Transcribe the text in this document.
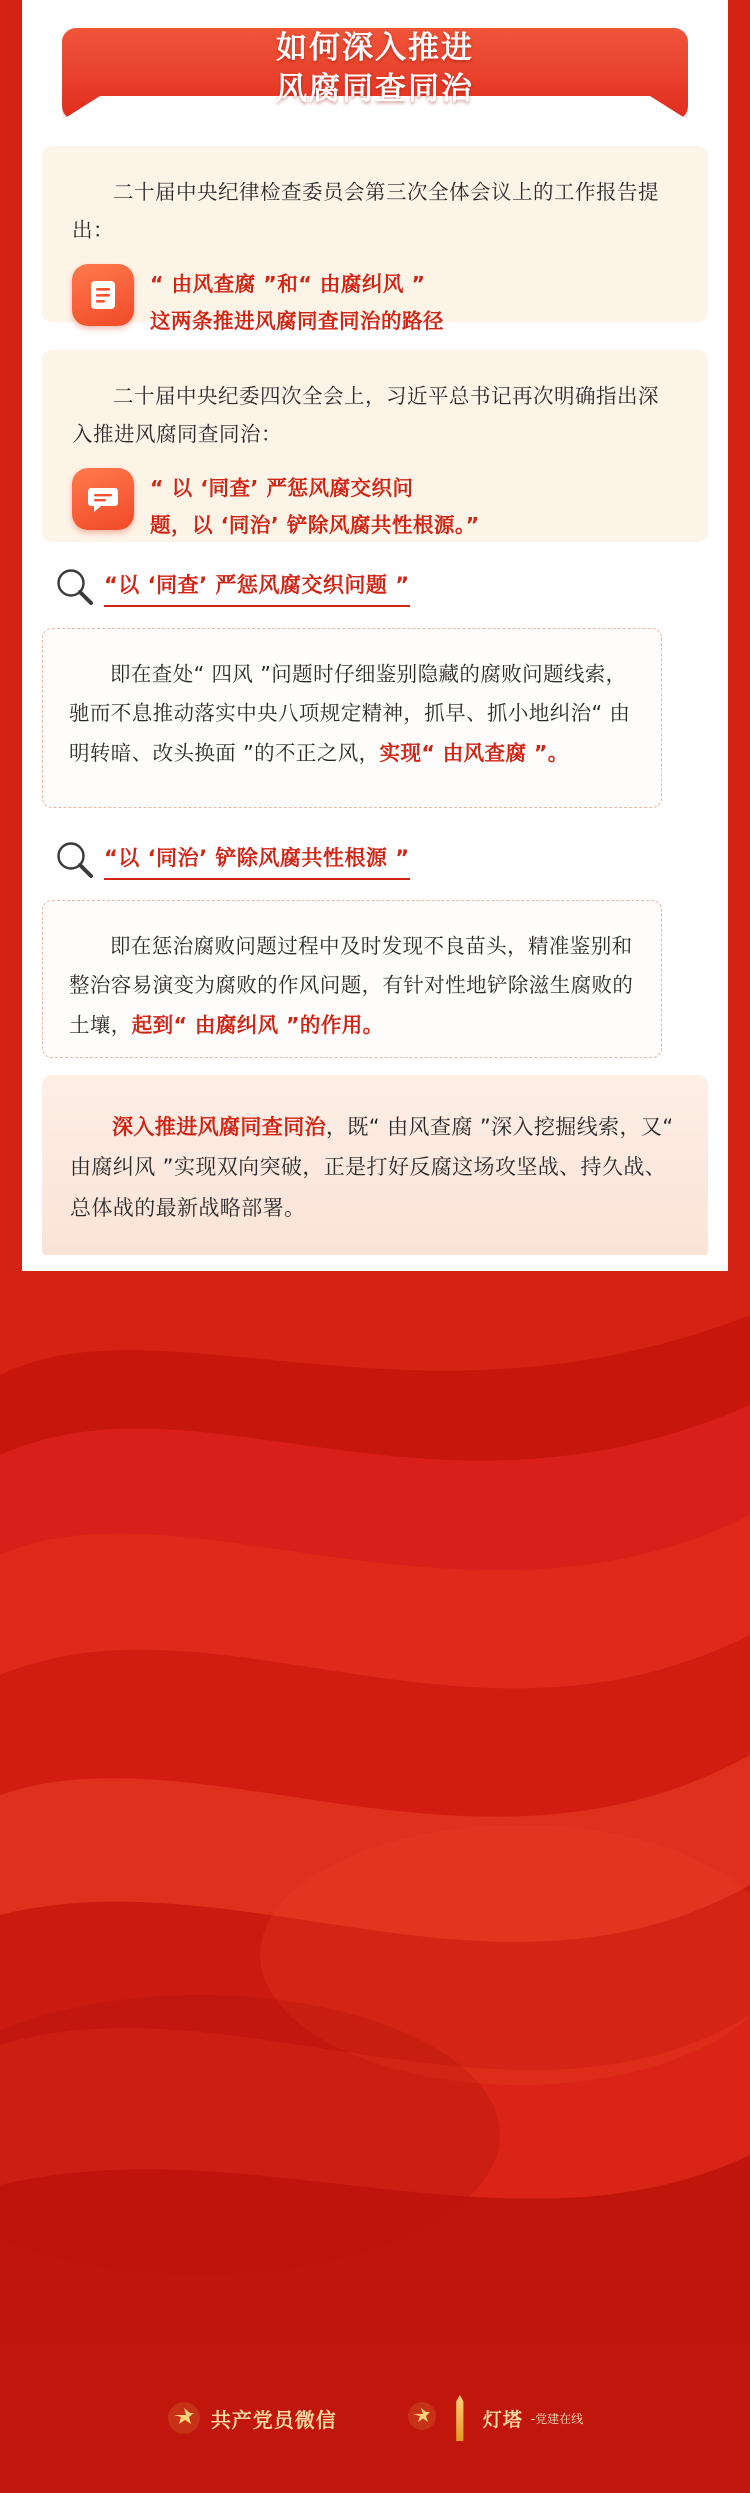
如何深入推进
风腐同查同治
二十届中央纪律检查委员会第三次全体会议上的工作报告提出：
“ 由风查腐 ”和“ 由腐纠风 ”
这两条推进风腐同查同治的路径
二十届中央纪委四次全会上，习近平总书记再次明确指出深入推进风腐同查同治：
“ 以 ‘同查’ 严惩风腐交织问
题，以 ‘同治’ 铲除风腐共性根源。”
“以 ‘同查’ 严惩风腐交织问题 ”

即在查处“ 四风 ”问题时仔细鉴别隐藏的腐败问题线索，驰而不息推动落实中央八项规定精神，抓早、抓小地纠治“ 由明转暗、改头换面 ”的不正之风，实现“ 由风查腐 ”。

“以 ‘同治’ 铲除风腐共性根源 ”

即在惩治腐败问题过程中及时发现不良苗头，精准鉴别和整治容易演变为腐败的作风问题，有针对性地铲除滋生腐败的土壤，起到“ 由腐纠风 ”的作用。

深入推进风腐同查同治，既“ 由风查腐 ”深入挖掘线索，又“ 由腐纠风 ”实现双向突破，正是打好反腐这场攻坚战、持久战、总体战的最新战略部署。

共产党员微信	灯塔 -党建在线
